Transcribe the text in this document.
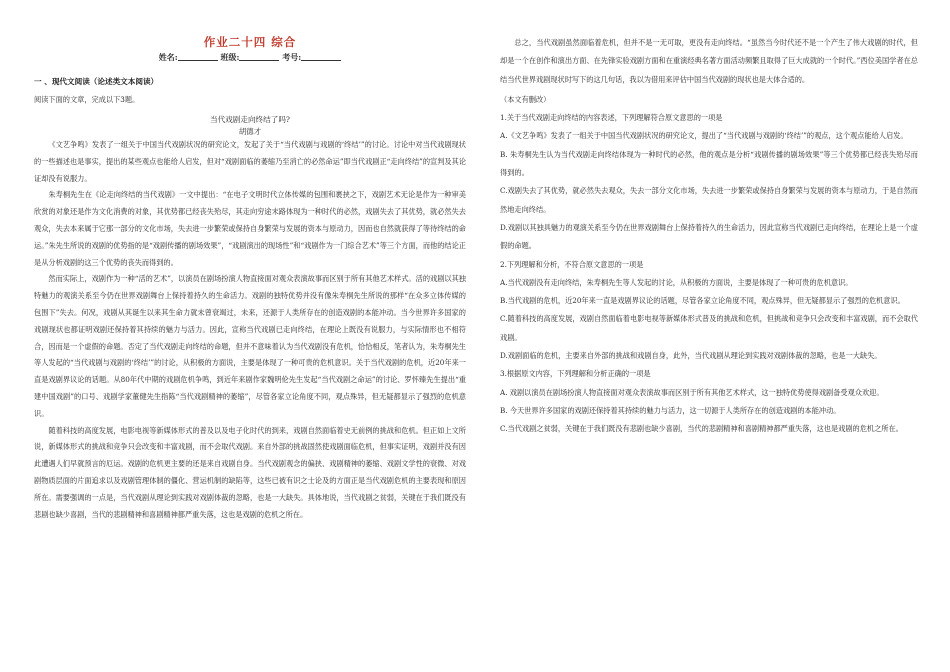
作业二十四 综合
姓名:	班级:	考号:
一 、现代文阅读（论述类文本阅读）
阅读下面的文章，完成以下3题。
当代戏剧走向终结了吗?
胡德才

《文艺争鸣》发表了一组关于中国当代戏剧状况的研究论文，发起了关于“当代戏剧与戏剧的‘终结’”的讨论。讨论中对当代戏剧现状的一些描述也是事实，提出的某些观点也能给人启发，但对“戏剧面临的萎缩乃至消亡的必然命运”即当代戏剧正“走向终结”的宣判及其论证却没有说服力。

朱寿桐先生在《论走向终结的当代戏剧》一文中提出：“在电子文明时代立体传媒的包围和裹挟之下，戏剧艺术无论是作为一种审美欣赏的对象还是作为文化消费的对象，其优势都已经丧失殆尽，其走向穷途末路体现为一种时代的必然，戏剧失去了其优势，就必然失去观众，失去本来属于它那一部分的文化市场，失去进一步繁荣或保持自身繁荣与发展的资本与原动力，因而也自然就获得了等待终结的命运。”朱先生所说的戏剧的优势指的是“戏剧传播的剧场效果”，“戏剧演出的现场性”和“戏剧作为一门综合艺术”等三个方面，而他的结论正是从分析戏剧的这三个优势的丧失而得到的。

然而实际上，戏剧作为一种“活的艺术”，以演员在剧场扮演人物直接面对观众表演故事而区别于所有其他艺术样式。活的戏剧以其独特魅力的观演关系至今仍在世界戏剧舞台上保持着持久的生命活力。戏剧的独特优势并没有像朱寿桐先生所说的那样“在众多立体传媒的包围下”失去。何况，戏剧从其诞生以来其生命力就未曾衰竭过，未来，还源于人类所存在的创造戏剧的本能冲动。当今世界许多国家的戏剧现状也都证明戏剧还保持着其持续的魅力与活力。因此，宣称当代戏剧已走向终结，在理论上既没有说服力，与实际情形也不相符合，因而是一个虚假的命题。否定了当代戏剧走向终结的命题，但并不意味着认为当代戏剧没有危机，恰恰相反，笔者认为，朱寿桐先生等人发起的“当代戏剧与戏剧的‘终结’”的讨论，从积极的方面说，主要是体现了一种可贵的危机意识。关于当代戏剧的危机，近20年来一直是戏剧界议论的话题。从80年代中期的戏剧危机争鸣，到近年来剧作家魏明伦先生发起“当代戏剧之命运”的讨论、罗怀臻先生提出“重建中国戏剧”的口号、戏剧学家董健先生指陈“当代戏剧精神的萎缩”，尽管各家立论角度不同，观点殊异，但无疑都显示了强烈的危机意识。

随着科技的高度发展，电影电视等新媒体形式的普及以及电子化时代的到来，戏剧自然面临着史无前例的挑战和危机。但正如上文所说，新媒体形式的挑战和竞争只会改变和丰富戏剧，而不会取代戏剧。来自外部的挑战固然使戏剧面临危机，但事实证明，戏剧并没有因此遭遇人们早就预言的厄运。戏剧的危机更主要的还是来自戏剧自身。当代戏剧观念的偏狭、戏剧精神的萎缩、戏剧文学性的衰微、对戏剧物质层面的片面追求以及戏剧管理体制的僵化、营运机制的缺陷等，这些已被有识之士论及的方面正是当代戏剧危机的主要表现和原因所在。需要强调的一点是，当代戏剧从理论到实践对戏剧体裁的忽略，也是一大缺失。具体地说，当代戏剧之贫弱，关键在于我们既没有悲剧也缺少喜剧，当代的悲剧精神和喜剧精神都严重失落，这也是戏剧的危机之所在。

总之，当代戏剧虽然面临着危机，但并不是一无可取，更没有走向终结。“虽然当今时代还不是一个产生了伟大戏剧的时代，但却是一个在创作和演出方面、在先锋实验戏剧方面和在重演经典名著方面活动频繁且取得了巨大成就的一个时代。”西位美国学者在总结当代世界戏剧现状时写下的这几句话，我以为借用来评估中国当代戏剧的现状也是大体合适的。

（本文有删改）

1.关于当代戏剧走向终结的内容表述，下列理解符合原文意思的一项是

A.《文艺争鸣》发表了一组关于中国当代戏剧状况的研究论文，提出了“当代戏剧与戏剧的‘终结’”的观点，这个观点能给人启发。

B. 朱寿桐先生认为当代戏剧走向终结体现为一种时代的必然，他的观点是分析“戏剧传播的剧场效果”等三个优势都已经丧失殆尽而得到的。

C.戏剧失去了其优势，就必然失去观众，失去一部分文化市场，失去进一步繁荣或保持自身繁荣与发展的资本与原动力，于是自然而然地走向终结。

D.戏剧以其独具魅力的观演关系至今仍在世界戏剧舞台上保持着持久的生命活力，因此宣称当代戏剧已走向终结，在理论上是一个虚假的命题。

2.下列理解和分析，不符合原文意思的一项是

A.当代戏剧没有走向终结，朱寿桐先生等人发起的讨论，从积极的方面说，主要是体现了一种可贵的危机意识。

B.当代戏剧的危机，近20年来一直是戏剧界议论的话题，尽管各家立论角度不同，观点殊异，但无疑都显示了强烈的危机意识。

C.随着科技的高度发展，戏剧自然面临着电影电视等新媒体形式普及的挑战和危机，但挑战和竞争只会改变和丰富戏剧，而不会取代戏剧。

D.戏剧面临的危机，主要来自外部的挑战和戏剧自身，此外，当代戏剧从理论到实践对戏剧体裁的忽略，也是一大缺失。

3.根据原文内容，下列理解和分析正确的一项是

A. 戏剧以演员在剧场扮演人物直接面对观众表演故事而区别于所有其他艺术样式，这一独特优势使得戏剧备受观众欢迎。

B. 今天世界许多国家的戏剧还保持着其持续的魅力与活力，这一切源于人类所存在的创造戏剧的本能冲动。

C.当代戏剧之贫弱，关键在于我们既没有悲剧也缺少喜剧，当代的悲剧精神和喜剧精神都严重失落，这也是戏剧的危机之所在。
